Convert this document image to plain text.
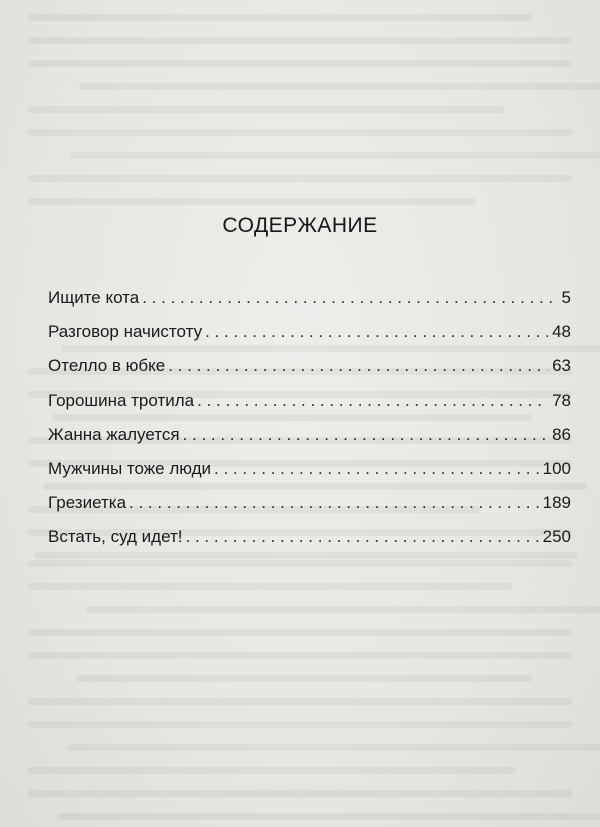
СОДЕРЖАНИЕ
Ищите кота . . .	5
Разговор начистоту . . .	48
Отелло в юбке . . .	63
Горошина тротила . . .	78
Жанна жалуется . . .	86
Мужчины тоже люди . . .	100
Грезиетка . . .	189
Встать, суд идет! . . .	250
